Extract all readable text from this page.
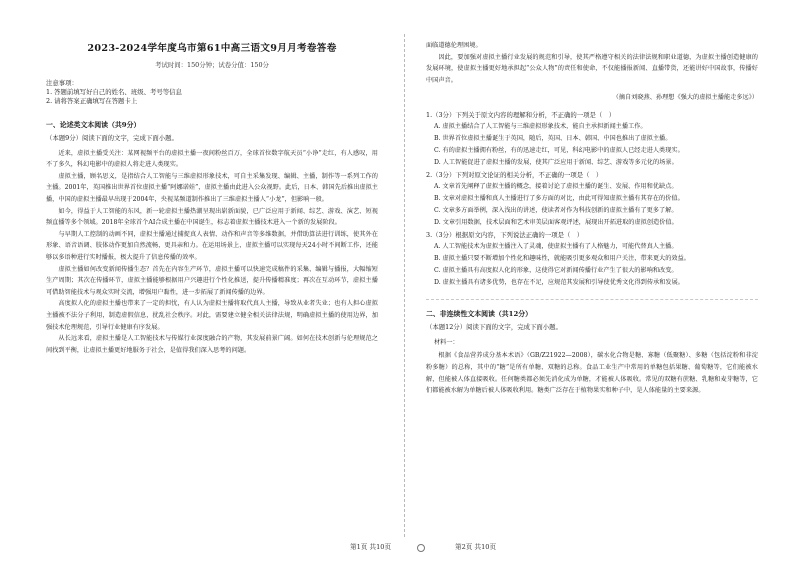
2023-2024学年度乌市第61中高三语文9月月考卷答卷
考试时间：150分钟；试卷分值：150分
注意事项：
1. 答题前填写好自己的姓名、班级、考号等信息
2. 请将答案正确填写在答题卡上
一、论述类文本阅读（共9分）
（本题9分）阅读下面的文字，完成下面小题。

近来，虚拟主播受关注：某网视频平台的虚拟主播一夜间粉丝百万，全球首位数字航天员“小诤”走红，有人感叹，用不了多久，科幻电影中的虚拟人将走进人类现实。

虚拟主播，顾名思义，是指结合人工智能与三维虚拟形象技术，可自主采集发现、编辑、主播，制作等一系列工作的主播。2001年，英国推出世界首位虚拟主播“阿娜诺娃”，虚拟主播由此进入公众视野。此后，日本、韩国先后推出虚拟主播，中国的虚拟主播最早出现于2004年，央视某频道制作推出了三维虚拟主播人“小龙”，但影响一般。

如今，得益于人工智能的东风，新一轮虚拟主播热潮呈现出崭新面貌，已广泛应用于新闻、综艺、游戏、演艺、短视频直播等多个领域。2018年全球首个AI合成主播在中国诞生，标志着虚拟主播技术进入一个新的发展阶段。

与早期人工控制的动画不同，虚拟主播通过捕捉真人表情、动作和声音等多维数据，并借助算法进行训练，使其外在形象、语音语调、肢体动作更加自然流畅，更具亲和力。在运用场景上，虚拟主播可以实现每天24小时不间断工作，还能够以多语种进行实时播报，极大提升了信息传播的效率。

虚拟主播如何改变新闻传播生态？首先在内容生产环节，虚拟主播可以快速完成稿件的采集、编辑与播报，大幅缩短生产周期；其次在传播环节，虚拟主播能够根据用户兴趣进行个性化推送，提升传播精准度；再次在互动环节，虚拟主播可借助智能技术与观众实时交流，增强用户黏性，进一步拓展了新闻传播的边界。

高度拟人化的虚拟主播也带来了一定的担忧，有人认为虚拟主播将取代真人主播，导致从业者失业；也有人担心虚拟主播被不法分子利用，制造虚假信息，扰乱社会秩序。对此，需要建立健全相关法律法规，明确虚拟主播的使用边界，加强技术伦理规范，引导行业健康有序发展。

从长远来看，虚拟主播是人工智能技术与传媒行业深度融合的产物，其发展前景广阔。如何在技术创新与伦理规范之间找到平衡，让虚拟主播更好地服务于社会，是值得我们深入思考的问题。

面临道德伦理困境。

因此，要加强对虚拟主播行业发展的规范和引导，使其严格遵守相关的法律法规和职业道德，为虚拟主播创造健康的发展环境，使虚拟主播更好地承担起“公众人物”的责任和使命，不仅能播报新闻、直播带货，还能讲好中国故事，传播好中国声音。

（摘自刘晓燕、孙理想《强大的虚拟主播能走多远》）

1.（3分）下列关于原文内容的理解和分析，不正确的一项是（　）

A. 虚拟主播结合了人工智能与三维虚拟形象技术，能自主承担新闻主播工作。

B. 世界首位虚拟主播诞生于英国，随后，英国、日本、韩国、中国也推出了虚拟主播。

C. 有的虚拟主播拥有粉丝，有的迅速走红，可见，科幻电影中的虚拟人已经走进人类现实。

D. 人工智能促进了虚拟主播的发展，使其广泛应用于新闻、综艺、游戏等多元化的场景。

2.（3分）下列对原文论证的相关分析，不正确的一项是（　）

A. 文章首先阐释了虚拟主播的概念，接着讨论了虚拟主播的诞生、发展、作用和优缺点。

B. 文章对虚拟主播和真人主播进行了多方面的对比，由此可得知虚拟主播有其存在的价值。

C. 文章多方面举例，深入浅出的讲述，使读者对作为科技创新的虚拟主播有了更多了解。

D. 文章引用数据，技术层面和艺术审美层面客观评述，展现出开拓进取的虚拟创造价值。

3.（3分）根据原文内容，下列说法正确的一项是（　）

A. 人工智能技术为虚拟主播注入了灵魂，使虚拟主播有了人格魅力，可能代替真人主播。

B. 虚拟主播只要不断增加个性化和趣味性，就能吸引更多观众和用户关注，带来更大的效益。

C. 虚拟主播具有高度拟人化的形象，这使得它对新闻传播行业产生了很大的影响和改变。

D. 虚拟主播具有诸多优势，也存在不足，应规范其发展和引导使优秀文化得到传承和发展。

二、非连续性文本阅读（共12分）
（本题12分）阅读下面的文字，完成下面小题。
材料一：

根据《食品营养成分基本术语》（GB/Z21922—2008），碳水化合物是糖、寡糖（低聚糖）、多糖（包括淀粉和非淀粉多糖）的总称，其中的“糖”是所有单糖、双糖的总称。食品工业生产中常用的单糖包括果糖、葡萄糖等，它们能被水解，但能被人体直接吸收。任何糖类都必须先消化成为单糖，才能被人体吸收。常见的双糖有蔗糖、乳糖和麦芽糖等，它们都能被水解为单糖后被人体吸收利用。糖类广泛存在于植物果实和种子中，是人体能量的主要来源。

第1页 共10页	第2页 共10页
